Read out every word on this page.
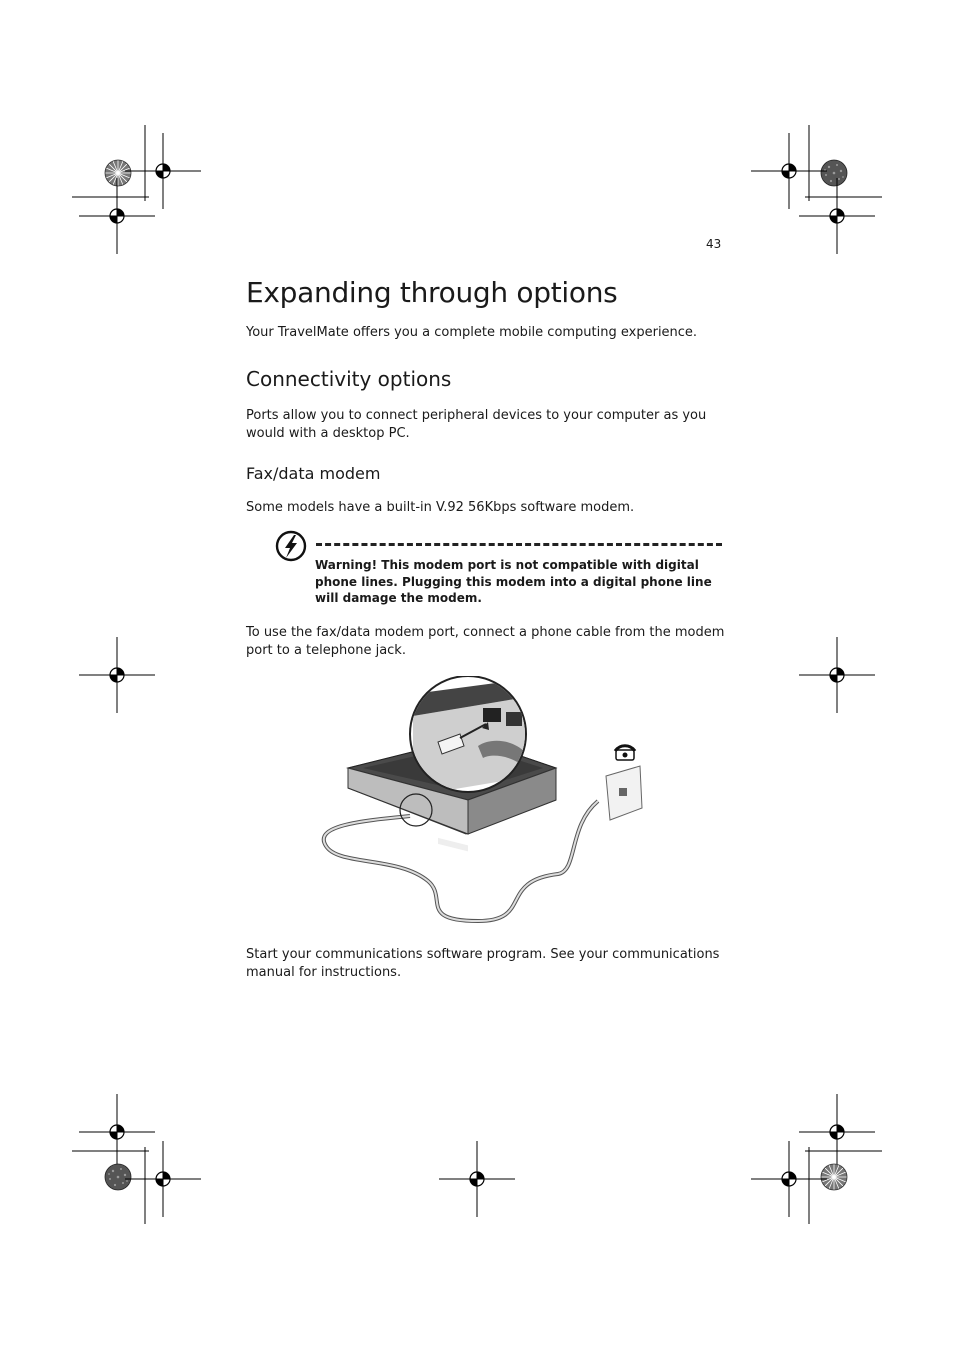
43
Expanding through options

Your TravelMate offers you a complete mobile computing experience.

Connectivity options

Ports allow you to connect peripheral devices to your computer as you would with a desktop PC.

Fax/data modem

Some models have a built-in V.92 56Kbps software modem.

Warning! This modem port is not compatible with digital phone lines. Plugging this modem into a digital phone line will damage the modem.

To use the fax/data modem port, connect a phone cable from the modem port to a telephone jack.

Start your communications software program. See your communications manual for instructions.
